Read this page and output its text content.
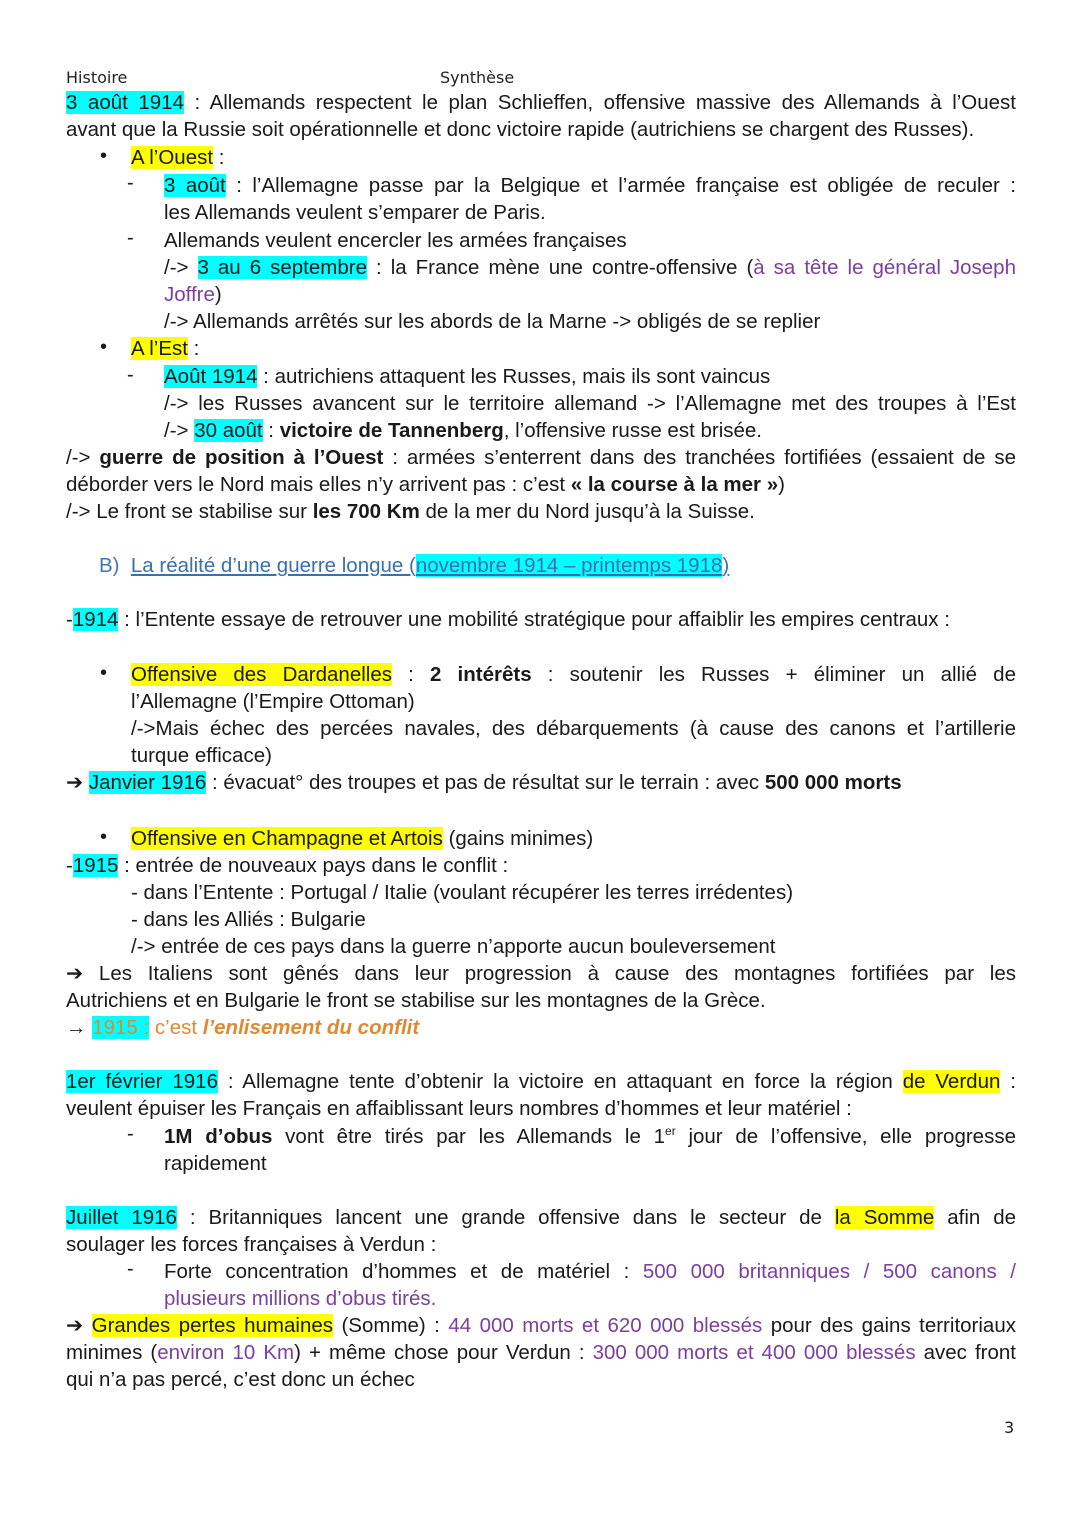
Histoire	Synthèse
3 août 1914 : Allemands respectent le plan Schlieffen, offensive massive des Allemands à l’Ouest
avant que la Russie soit opérationnelle et donc victoire rapide (autrichiens se chargent des Russes).
• A l’Ouest :
- 3 août : l’Allemagne passe par la Belgique et l’armée française est obligée de reculer :
les Allemands veulent s’emparer de Paris.
- Allemands veulent encercler les armées françaises
/-> 3 au 6 septembre : la France mène une contre-offensive (à sa tête le général Joseph
Joffre)
/-> Allemands arrêtés sur les abords de la Marne -> obligés de se replier
• A l’Est :
- Août 1914 : autrichiens attaquent les Russes, mais ils sont vaincus
/-> les Russes avancent sur le territoire allemand -> l’Allemagne met des troupes à l’Est
/-> 30 août : victoire de Tannenberg, l’offensive russe est brisée.
/-> guerre de position à l’Ouest : armées s’enterrent dans des tranchées fortifiées (essaient de se
déborder vers le Nord mais elles n’y arrivent pas : c’est « la course à la mer »)
/-> Le front se stabilise sur les 700 Km de la mer du Nord jusqu’à la Suisse.
B) La réalité d’une guerre longue (novembre 1914 – printemps 1918)
-1914 : l’Entente essaye de retrouver une mobilité stratégique pour affaiblir les empires centraux :
• Offensive des Dardanelles : 2 intérêts : soutenir les Russes + éliminer un allié de
l’Allemagne (l’Empire Ottoman)
/->Mais échec des percées navales, des débarquements (à cause des canons et l’artillerie
turque efficace)
➔ Janvier 1916 : évacuat° des troupes et pas de résultat sur le terrain : avec 500 000 morts
• Offensive en Champagne et Artois (gains minimes)
-1915 : entrée de nouveaux pays dans le conflit :
- dans l’Entente : Portugal / Italie (voulant récupérer les terres irrédentes)
- dans les Alliés : Bulgarie
/-> entrée de ces pays dans la guerre n’apporte aucun bouleversement
➔ Les Italiens sont gênés dans leur progression à cause des montagnes fortifiées par les
Autrichiens et en Bulgarie le front se stabilise sur les montagnes de la Grèce.
→ 1915 : c’est l’enlisement du conflit
1er février 1916 : Allemagne tente d’obtenir la victoire en attaquant en force la région de Verdun :
veulent épuiser les Français en affaiblissant leurs nombres d’hommes et leur matériel :
- 1M d’obus vont être tirés par les Allemands le 1er jour de l’offensive, elle progresse
rapidement
Juillet 1916 : Britanniques lancent une grande offensive dans le secteur de la Somme afin de
soulager les forces françaises à Verdun :
- Forte concentration d’hommes et de matériel : 500 000 britanniques / 500 canons /
plusieurs millions d’obus tirés.
➔ Grandes pertes humaines (Somme) : 44 000 morts et 620 000 blessés pour des gains territoriaux
minimes (environ 10 Km) + même chose pour Verdun : 300 000 morts et 400 000 blessés avec front
qui n’a pas percé, c’est donc un échec
3
